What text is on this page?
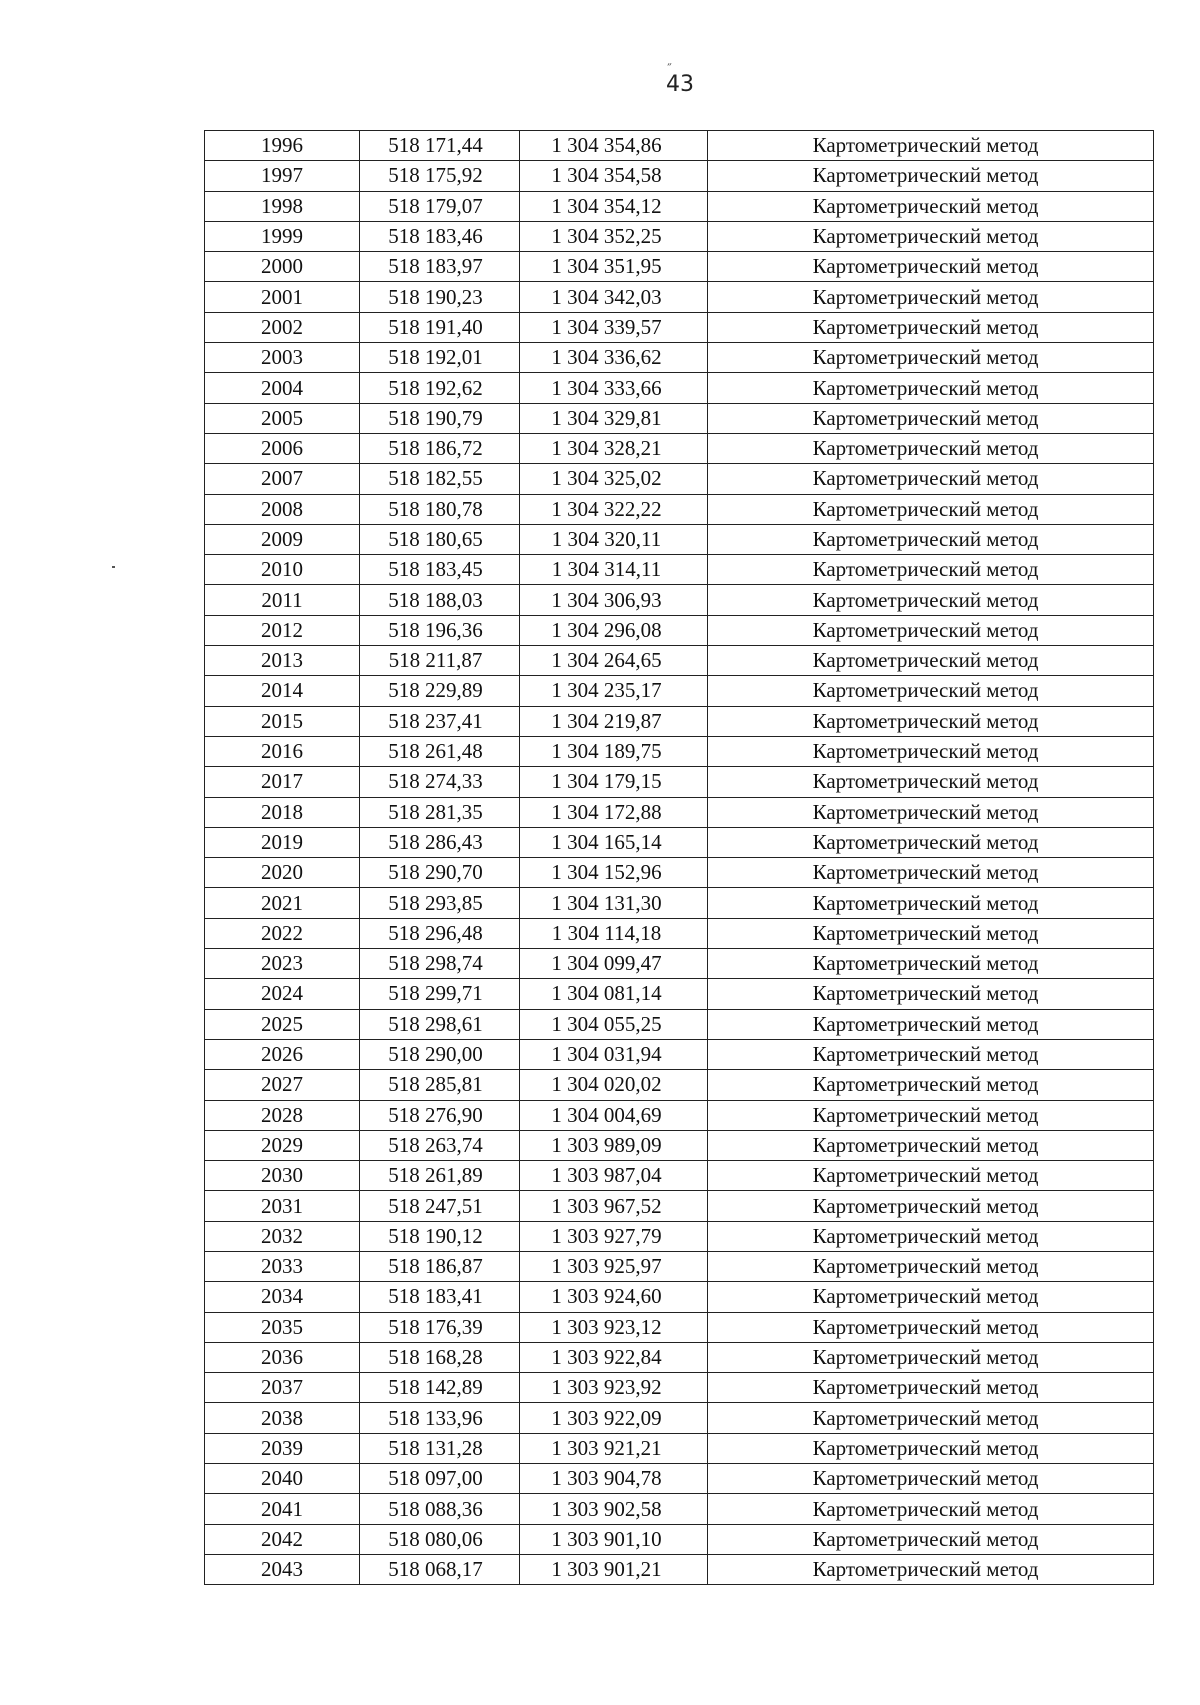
˝
43
1996	518 171,44	1 304 354,86	Картометрический метод
1997	518 175,92	1 304 354,58	Картометрический метод
1998	518 179,07	1 304 354,12	Картометрический метод
1999	518 183,46	1 304 352,25	Картометрический метод
2000	518 183,97	1 304 351,95	Картометрический метод
2001	518 190,23	1 304 342,03	Картометрический метод
2002	518 191,40	1 304 339,57	Картометрический метод
2003	518 192,01	1 304 336,62	Картометрический метод
2004	518 192,62	1 304 333,66	Картометрический метод
2005	518 190,79	1 304 329,81	Картометрический метод
2006	518 186,72	1 304 328,21	Картометрический метод
2007	518 182,55	1 304 325,02	Картометрический метод
2008	518 180,78	1 304 322,22	Картометрический метод
2009	518 180,65	1 304 320,11	Картометрический метод
2010	518 183,45	1 304 314,11	Картометрический метод
2011	518 188,03	1 304 306,93	Картометрический метод
2012	518 196,36	1 304 296,08	Картометрический метод
2013	518 211,87	1 304 264,65	Картометрический метод
2014	518 229,89	1 304 235,17	Картометрический метод
2015	518 237,41	1 304 219,87	Картометрический метод
2016	518 261,48	1 304 189,75	Картометрический метод
2017	518 274,33	1 304 179,15	Картометрический метод
2018	518 281,35	1 304 172,88	Картометрический метод
2019	518 286,43	1 304 165,14	Картометрический метод
2020	518 290,70	1 304 152,96	Картометрический метод
2021	518 293,85	1 304 131,30	Картометрический метод
2022	518 296,48	1 304 114,18	Картометрический метод
2023	518 298,74	1 304 099,47	Картометрический метод
2024	518 299,71	1 304 081,14	Картометрический метод
2025	518 298,61	1 304 055,25	Картометрический метод
2026	518 290,00	1 304 031,94	Картометрический метод
2027	518 285,81	1 304 020,02	Картометрический метод
2028	518 276,90	1 304 004,69	Картометрический метод
2029	518 263,74	1 303 989,09	Картометрический метод
2030	518 261,89	1 303 987,04	Картометрический метод
2031	518 247,51	1 303 967,52	Картометрический метод
2032	518 190,12	1 303 927,79	Картометрический метод
2033	518 186,87	1 303 925,97	Картометрический метод
2034	518 183,41	1 303 924,60	Картометрический метод
2035	518 176,39	1 303 923,12	Картометрический метод
2036	518 168,28	1 303 922,84	Картометрический метод
2037	518 142,89	1 303 923,92	Картометрический метод
2038	518 133,96	1 303 922,09	Картометрический метод
2039	518 131,28	1 303 921,21	Картометрический метод
2040	518 097,00	1 303 904,78	Картометрический метод
2041	518 088,36	1 303 902,58	Картометрический метод
2042	518 080,06	1 303 901,10	Картометрический метод
2043	518 068,17	1 303 901,21	Картометрический метод
